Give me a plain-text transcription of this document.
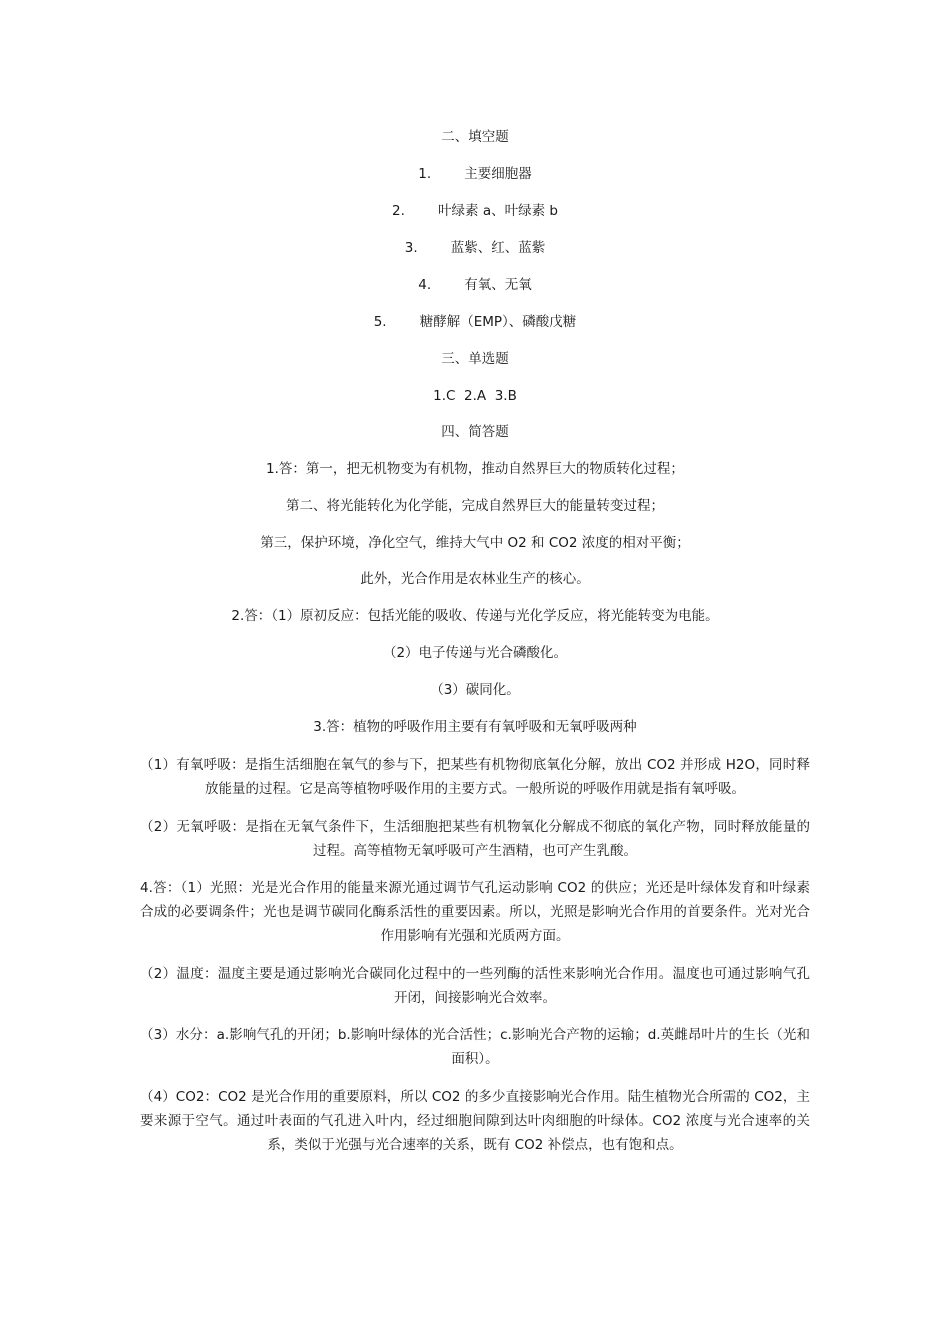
二、填空题
1. 主要细胞器
2. 叶绿素 a、叶绿素 b
3. 蓝紫、红、蓝紫
4. 有氧、无氧
5. 糖酵解（EMP）、磷酸戊糖
三、单选题
1.C  2.A  3.B
四、简答题
1.答：第一，把无机物变为有机物，推动自然界巨大的物质转化过程；
第二、将光能转化为化学能，完成自然界巨大的能量转变过程；
第三，保护环境，净化空气，维持大气中 O2 和 CO2 浓度的相对平衡；
此外，光合作用是农林业生产的核心。
2.答：（1）原初反应：包括光能的吸收、传递与光化学反应，将光能转变为电能。
（2）电子传递与光合磷酸化。
（3）碳同化。
3.答：植物的呼吸作用主要有有氧呼吸和无氧呼吸两种
（1）有氧呼吸：是指生活细胞在氧气的参与下，把某些有机物彻底氧化分解，放出 CO2 并形成 H2O，同时释放能量的过程。它是高等植物呼吸作用的主要方式。一般所说的呼吸作用就是指有氧呼吸。
（2）无氧呼吸：是指在无氧气条件下，生活细胞把某些有机物氧化分解成不彻底的氧化产物，同时释放能量的过程。高等植物无氧呼吸可产生酒精，也可产生乳酸。
4.答：（1）光照：光是光合作用的能量来源光通过调节气孔运动影响 CO2 的供应；光还是叶绿体发育和叶绿素合成的必要调条件；光也是调节碳同化酶系活性的重要因素。所以，光照是影响光合作用的首要条件。光对光合作用影响有光强和光质两方面。
（2）温度：温度主要是通过影响光合碳同化过程中的一些列酶的活性来影响光合作用。温度也可通过影响气孔开闭，间接影响光合效率。
（3）水分：a.影响气孔的开闭；b.影响叶绿体的光合活性；c.影响光合产物的运输；d.英雌昂叶片的生长（光和面积）。
（4）CO2：CO2 是光合作用的重要原料，所以 CO2 的多少直接影响光合作用。陆生植物光合所需的 CO2，主要来源于空气。通过叶表面的气孔进入叶内，经过细胞间隙到达叶肉细胞的叶绿体。CO2 浓度与光合速率的关系，类似于光强与光合速率的关系，既有 CO2 补偿点，也有饱和点。
